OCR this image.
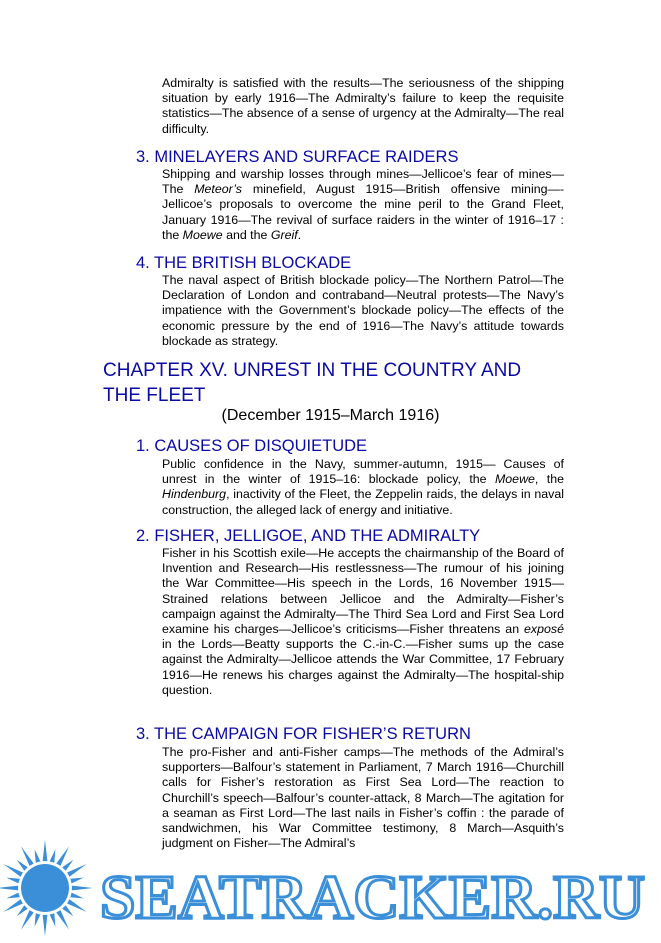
Admiralty is satisfied with the results—The seriousness of the shipping situation by early 1916—The Admiralty’s failure to keep the requisite statistics—The absence of a sense of urgency at the Admiralty—The real difficulty.

3. MINELAYERS AND SURFACE RAIDERS

Shipping and warship losses through mines—Jellicoe’s fear of mines—The Meteor’s minefield, August 1915—British offensive mining—-Jellicoe’s proposals to overcome the mine peril to the Grand Fleet, January 1916—The revival of surface raiders in the winter of 1916–17 : the Moewe and the Greif.

4. THE BRITISH BLOCKADE

The naval aspect of British blockade policy—The Northern Patrol—The Declaration of London and contraband—Neutral protests—The Navy’s impatience with the Government’s blockade policy—The effects of the economic pressure by the end of 1916—The Navy’s attitude towards blockade as strategy.

CHAPTER XV. UNREST IN THE COUNTRY AND THE FLEET
(December 1915–March 1916)
1. CAUSES OF DISQUIETUDE

Public confidence in the Navy, summer-autumn, 1915— Causes of unrest in the winter of 1915–16: blockade policy, the Moewe, the Hindenburg, inactivity of the Fleet, the Zeppelin raids, the delays in naval construction, the alleged lack of energy and initiative.

2. FISHER, JELLIGOE, AND THE ADMIRALTY

Fisher in his Scottish exile—He accepts the chairmanship of the Board of Invention and Research—His restlessness—The rumour of his joining the War Committee—His speech in the Lords, 16 November 1915—Strained relations between Jellicoe and the Admiralty—Fisher’s campaign against the Admiralty—The Third Sea Lord and First Sea Lord examine his charges—Jellicoe’s criticisms—Fisher threatens an exposé in the Lords—Beatty supports the C.-in-C.—Fisher sums up the case against the Admiralty—Jellicoe attends the War Committee, 17 February 1916—He renews his charges against the Admiralty—The hospital-ship question.

3. THE CAMPAIGN FOR FISHER’S RETURN

The pro-Fisher and anti-Fisher camps—The methods of the Admiral’s supporters—Balfour’s statement in Parliament, 7 March 1916—Churchill calls for Fisher’s restoration as First Sea Lord—The reaction to Churchill’s speech—Balfour’s counter-attack, 8 March—The agitation for a seaman as First Lord—The last nails in Fisher’s coffin : the parade of sandwichmen, his War Committee testimony, 8 March—Asquith’s judgment on Fisher—The Admiral’s

SEATRACKER.RU
